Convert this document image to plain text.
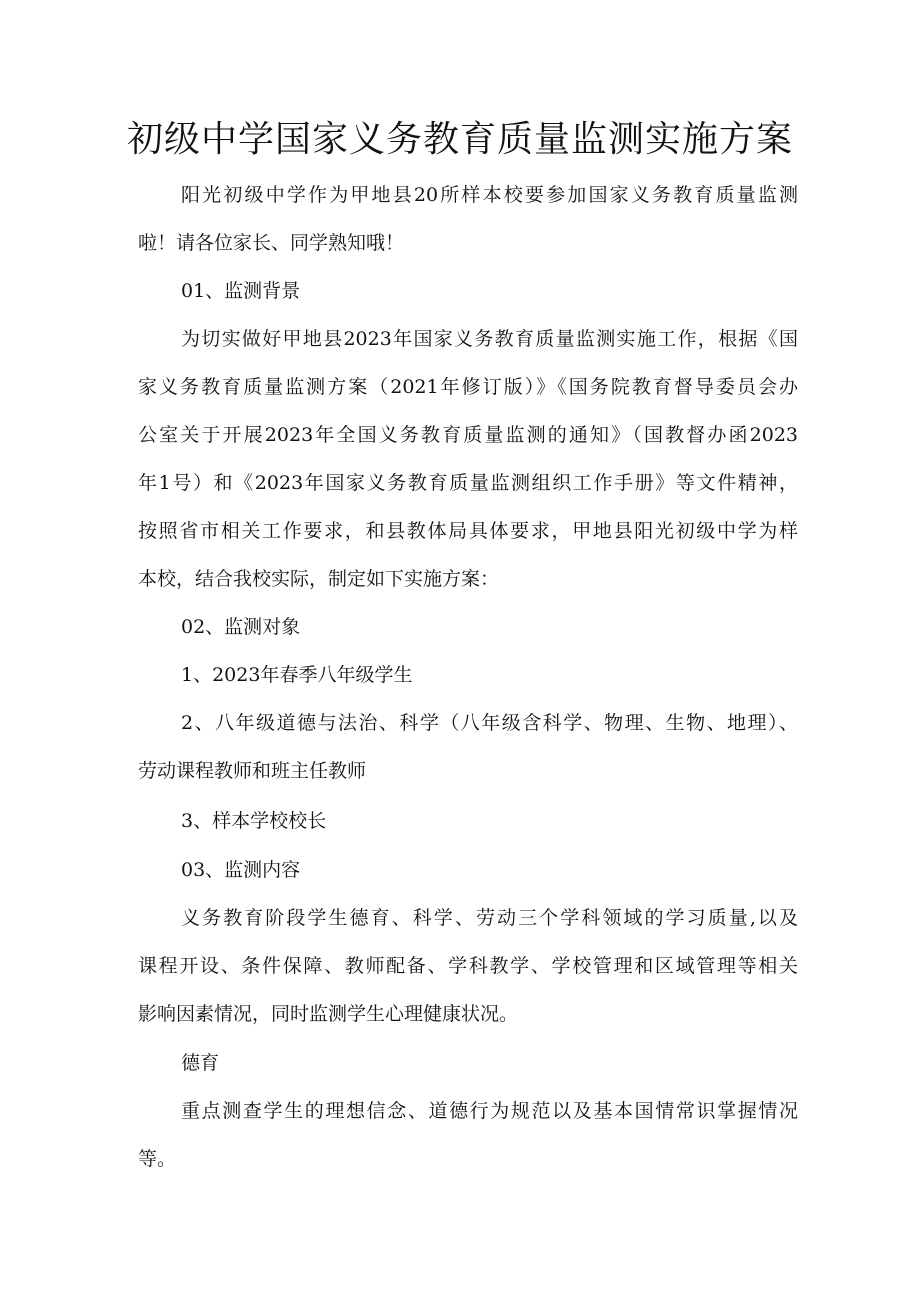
初级中学国家义务教育质量监测实施方案

阳光初级中学作为甲地县20所样本校要参加国家义务教育质量监测

啦！请各位家长、同学熟知哦！

01、监测背景

为切实做好甲地县2023年国家义务教育质量监测实施工作，根据《国

家义务教育质量监测方案（2021年修订版）》《国务院教育督导委员会办

公室关于开展2023年全国义务教育质量监测的通知》（国教督办函2023

年1号）和《2023年国家义务教育质量监测组织工作手册》等文件精神，

按照省市相关工作要求，和县教体局具体要求，甲地县阳光初级中学为样

本校，结合我校实际，制定如下实施方案：

02、监测对象

1、2023年春季八年级学生

2、八年级道德与法治、科学（八年级含科学、物理、生物、地理）、

劳动课程教师和班主任教师

3、样本学校校长

03、监测内容

义务教育阶段学生德育、科学、劳动三个学科领域的学习质量,以及

课程开设、条件保障、教师配备、学科教学、学校管理和区域管理等相关

影响因素情况，同时监测学生心理健康状况。

德育

重点测查学生的理想信念、道德行为规范以及基本国情常识掌握情况

等。
